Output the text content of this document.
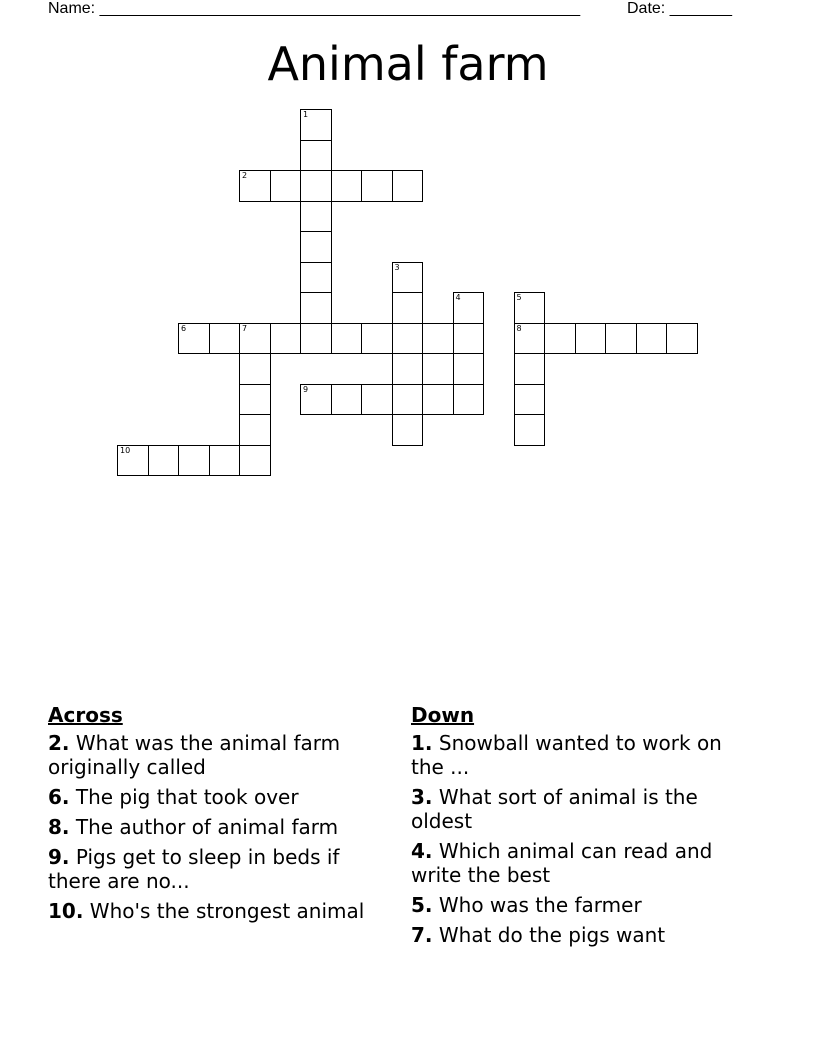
Name: ______________________________________________________	Date: _______
Animal farm
1
2
3
4	5
8
6	7
9
10
Across
2. What was the animal farm originally called
6. The pig that took over
8. The author of animal farm
9. Pigs get to sleep in beds if there are no...
10. Who's the strongest animal
Down
1. Snowball wanted to work on the ...
3. What sort of animal is the oldest
4. Which animal can read and write the best
5. Who was the farmer
7. What do the pigs want
